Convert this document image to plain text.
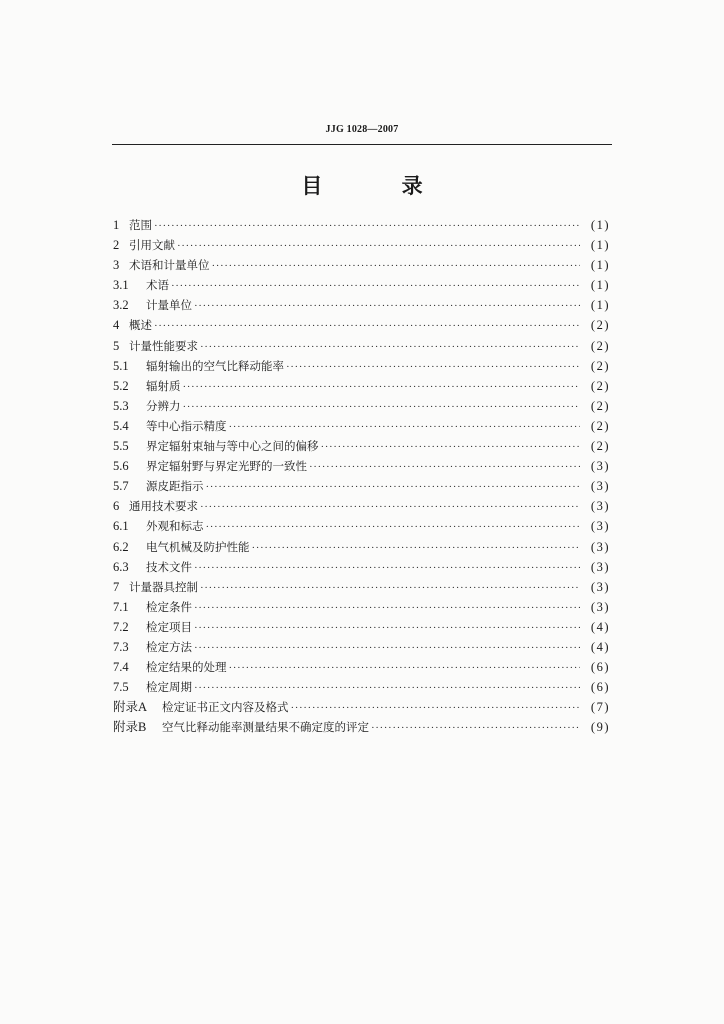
JJG 1028—2007
目 录
1 范围 ·····	(1)
2 引用文献 ·····	(1)
3 术语和计量单位 ·····	(1)
3.1	术语 ·····	(1)
3.2	计量单位 ·····	(1)
4 概述 ·····	(2)
5 计量性能要求 ·····	(2)
5.1	辐射输出的空气比释动能率 ·····	(2)
5.2	辐射质 ·····	(2)
5.3	分辨力 ·····	(2)
5.4	等中心指示精度 ·····	(2)
5.5	界定辐射束轴与等中心之间的偏移 ·····	(2)
5.6	界定辐射野与界定光野的一致性 ·····	(3)
5.7	源皮距指示 ·····	(3)
6 通用技术要求 ·····	(3)
6.1	外观和标志 ·····	(3)
6.2	电气机械及防护性能 ·····	(3)
6.3	技术文件 ·····	(3)
7 计量器具控制 ·····	(3)
7.1	检定条件 ·····	(3)
7.2	检定项目 ·····	(4)
7.3	检定方法 ·····	(4)
7.4	检定结果的处理 ·····	(6)
7.5	检定周期 ·····	(6)
附录A	检定证书正文内容及格式 ·····	(7)
附录B	空气比释动能率测量结果不确定度的评定 ·····	(9)
